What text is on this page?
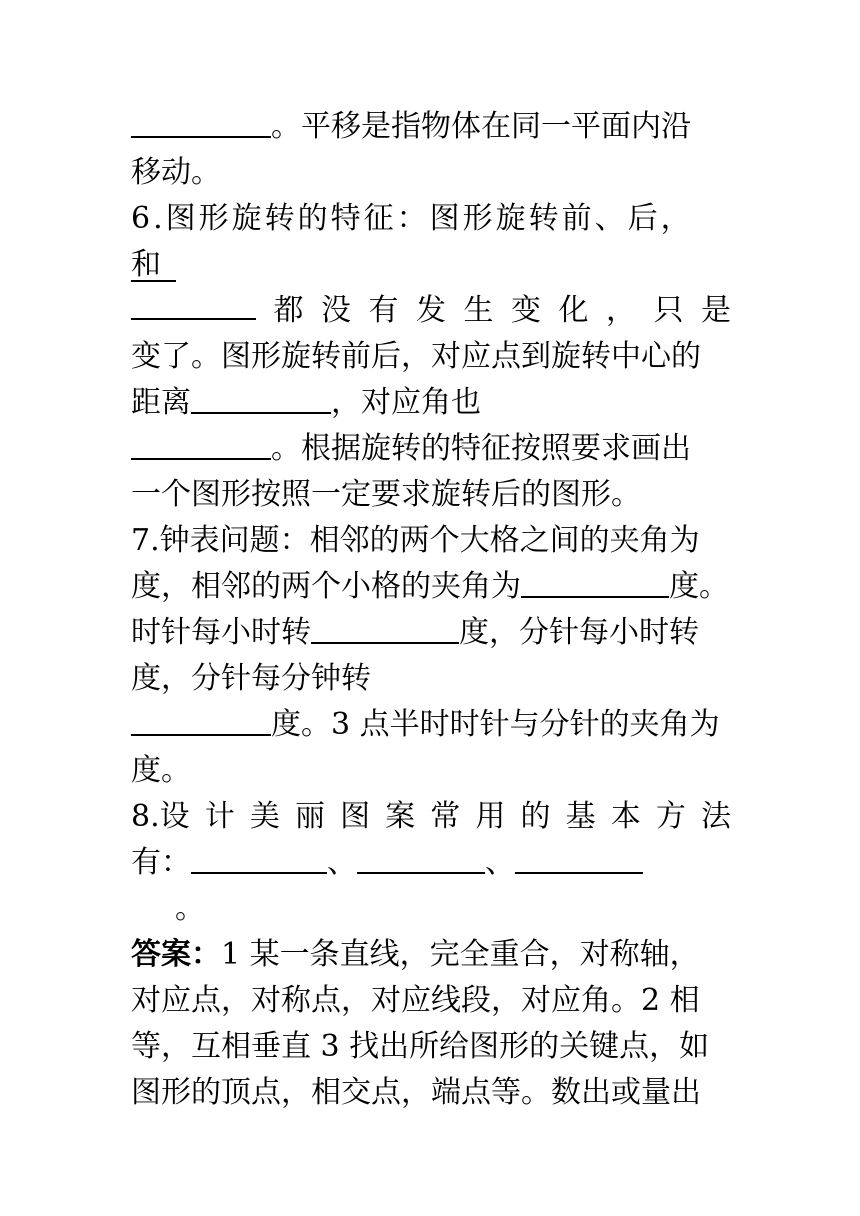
。平移是指物体在同一平面内沿
移动。
6.图形旋转的特征：图形旋转前、后，
和 
都 没 有 发 生 变 化 ， 只 是
变了。图形旋转前后，对应点到旋转中心的
距离	，对应角也
。根据旋转的特征按照要求画出
一个图形按照一定要求旋转后的图形。
7.钟表问题：相邻的两个大格之间的夹角为
度，相邻的两个小格的夹角为	度。
时针每小时转	度，分针每小时转
度，分针每分钟转
度。3 点半时时针与分针的夹角为
度。
8.设 计 美 丽 图 案 常 用 的 基 本 方 法
有：	、	、
。
答案：1 某一条直线，完全重合，对称轴，
对应点，对称点，对应线段，对应角。2 相
等，互相垂直 3 找出所给图形的关键点，如
图形的顶点，相交点，端点等。数出或量出
